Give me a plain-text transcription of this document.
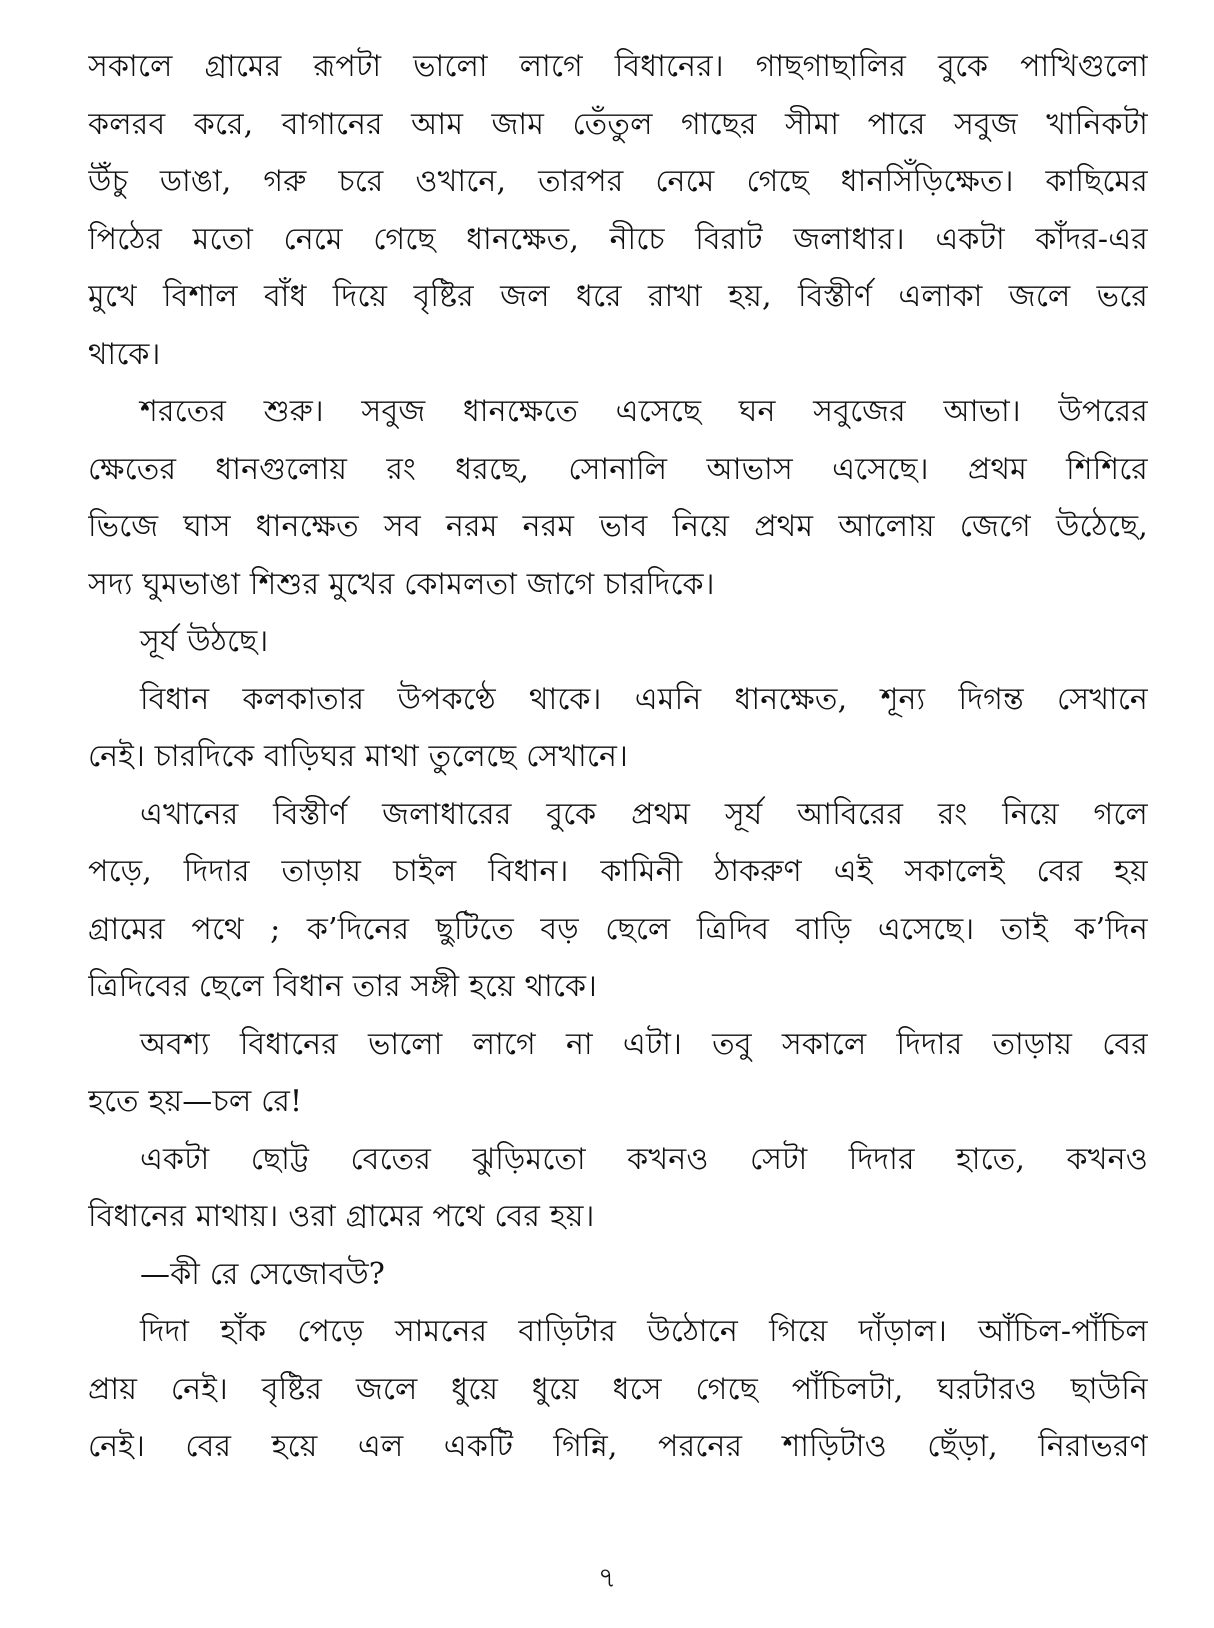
সকালে গ্রামের রূপটা ভালো লাগে বিধানের। গাছগাছালির বুকে পাখিগুলো
কলরব করে, বাগানের আম জাম তেঁতুল গাছের সীমা পারে সবুজ খানিকটা
উঁচু ডাঙা, গরু চরে ওখানে, তারপর নেমে গেছে ধানসিঁড়িক্ষেত। কাছিমের
পিঠের মতো নেমে গেছে ধানক্ষেত, নীচে বিরাট জলাধার। একটা কাঁদর-এর
মুখে বিশাল বাঁধ দিয়ে বৃষ্টির জল ধরে রাখা হয়, বিস্তীর্ণ এলাকা জলে ভরে
থাকে।
শরতের শুরু। সবুজ ধানক্ষেতে এসেছে ঘন সবুজের আভা। উপরের
ক্ষেতের ধানগুলোয় রং ধরছে, সোনালি আভাস এসেছে। প্রথম শিশিরে
ভিজে ঘাস ধানক্ষেত সব নরম নরম ভাব নিয়ে প্রথম আলোয় জেগে উঠেছে,
সদ্য ঘুমভাঙা শিশুর মুখের কোমলতা জাগে চারদিকে।
সূর্য উঠছে।
বিধান কলকাতার উপকণ্ঠে থাকে। এমনি ধানক্ষেত, শূন্য দিগন্ত সেখানে
নেই। চারদিকে বাড়িঘর মাথা তুলেছে সেখানে।
এখানের বিস্তীর্ণ জলাধারের বুকে প্রথম সূর্য আবিরের রং নিয়ে গলে
পড়ে, দিদার তাড়ায় চাইল বিধান। কামিনী ঠাকরুণ এই সকালেই বের হয়
গ্রামের পথে ; ক’দিনের ছুটিতে বড় ছেলে ত্রিদিব বাড়ি এসেছে। তাই ক’দিন
ত্রিদিবের ছেলে বিধান তার সঙ্গী হয়ে থাকে।
অবশ্য বিধানের ভালো লাগে না এটা। তবু সকালে দিদার তাড়ায় বের
হতে হয়—চল রে!
একটা ছোট্ট বেতের ঝুড়িমতো কখনও সেটা দিদার হাতে, কখনও
বিধানের মাথায়। ওরা গ্রামের পথে বের হয়।
—কী রে সেজোবউ?
দিদা হাঁক পেড়ে সামনের বাড়িটার উঠোনে গিয়ে দাঁড়াল। আঁচিল-পাঁচিল
প্রায় নেই। বৃষ্টির জলে ধুয়ে ধুয়ে ধসে গেছে পাঁচিলটা, ঘরটারও ছাউনি
নেই। বের হয়ে এল একটি গিন্নি, পরনের শাড়িটাও ছেঁড়া, নিরাভরণ
৭
